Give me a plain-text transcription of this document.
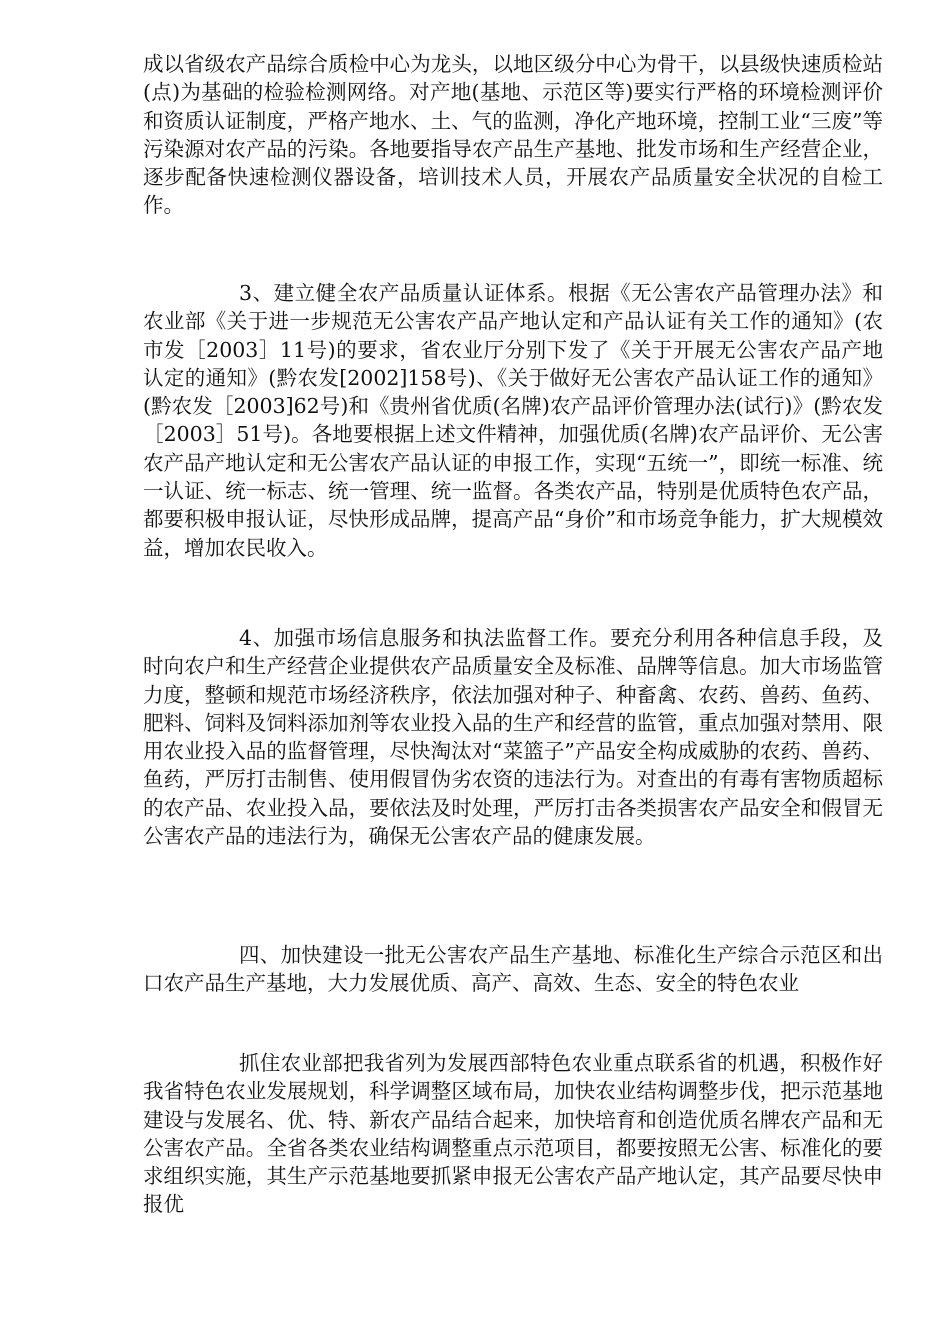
成以省级农产品综合质检中心为龙头，以地区级分中心为骨干，以县级快速质检站(点)为基础的检验检测网络。对产地(基地、示范区等)要实行严格的环境检测评价和资质认证制度，严格产地水、土、气的监测，净化产地环境，控制工业“三废”等污染源对农产品的污染。各地要指导农产品生产基地、批发市场和生产经营企业，逐步配备快速检测仪器设备，培训技术人员，开展农产品质量安全状况的自检工作。

3、建立健全农产品质量认证体系。根据《无公害农产品管理办法》和农业部《关于进一步规范无公害农产品产地认定和产品认证有关工作的通知》(农市发［2003］11号)的要求，省农业厅分别下发了《关于开展无公害农产品产地认定的通知》(黔农发[2002]158号)、《关于做好无公害农产品认证工作的通知》(黔农发［2003]62号)和《贵州省优质(名牌)农产品评价管理办法(试行)》(黔农发［2003］51号)。各地要根据上述文件精神，加强优质(名牌)农产品评价、无公害农产品产地认定和无公害农产品认证的申报工作，实现“五统一”，即统一标准、统一认证、统一标志、统一管理、统一监督。各类农产品，特别是优质特色农产品，都要积极申报认证，尽快形成品牌，提高产品“身价”和市场竞争能力，扩大规模效益，增加农民收入。

4、加强市场信息服务和执法监督工作。要充分利用各种信息手段，及时向农户和生产经营企业提供农产品质量安全及标准、品牌等信息。加大市场监管力度，整顿和规范市场经济秩序，依法加强对种子、种畜禽、农药、兽药、鱼药、肥料、饲料及饲料添加剂等农业投入品的生产和经营的监管，重点加强对禁用、限用农业投入品的监督管理，尽快淘汰对“菜篮子”产品安全构成威胁的农药、兽药、鱼药，严厉打击制售、使用假冒伪劣农资的违法行为。对查出的有毒有害物质超标的农产品、农业投入品，要依法及时处理，严厉打击各类损害农产品安全和假冒无公害农产品的违法行为，确保无公害农产品的健康发展。

四、加快建设一批无公害农产品生产基地、标准化生产综合示范区和出口农产品生产基地，大力发展优质、高产、高效、生态、安全的特色农业

抓住农业部把我省列为发展西部特色农业重点联系省的机遇，积极作好我省特色农业发展规划，科学调整区域布局，加快农业结构调整步伐，把示范基地建设与发展名、优、特、新农产品结合起来，加快培育和创造优质名牌农产品和无公害农产品。全省各类农业结构调整重点示范项目，都要按照无公害、标准化的要求组织实施，其生产示范基地要抓紧申报无公害农产品产地认定，其产品要尽快申报优
